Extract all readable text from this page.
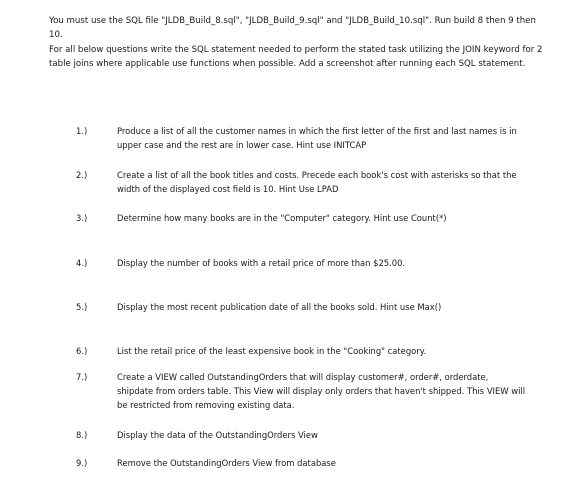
You must use the SQL file "JLDB_Build_8.sql", "JLDB_Build_9.sql" and "JLDB_Build_10.sql". Run build 8 then 9 then 10.

For all below questions write the SQL statement needed to perform the stated task utilizing the JOIN keyword for 2 table joins where applicable use functions when possible. Add a screenshot after running each SQL statement.

1.)	Produce a list of all the customer names in which the first letter of the first and last names is in upper case and the rest are in lower case. Hint use INITCAP
2.)	Create a list of all the book titles and costs. Precede each book's cost with asterisks so that the width of the displayed cost field is 10. Hint Use LPAD
3.)	Determine how many books are in the "Computer" category. Hint use Count(*)
4.)	Display the number of books with a retail price of more than $25.00.
5.)	Display the most recent publication date of all the books sold. Hint use Max()
6.)	List the retail price of the least expensive book in the "Cooking" category.
7.)	Create a VIEW called OutstandingOrders that will display customer#, order#, orderdate, shipdate from orders table. This View will display only orders that haven't shipped. This VIEW will be restricted from removing existing data.
8.)	Display the data of the OutstandingOrders View
9.)	Remove the OutstandingOrders View from database
